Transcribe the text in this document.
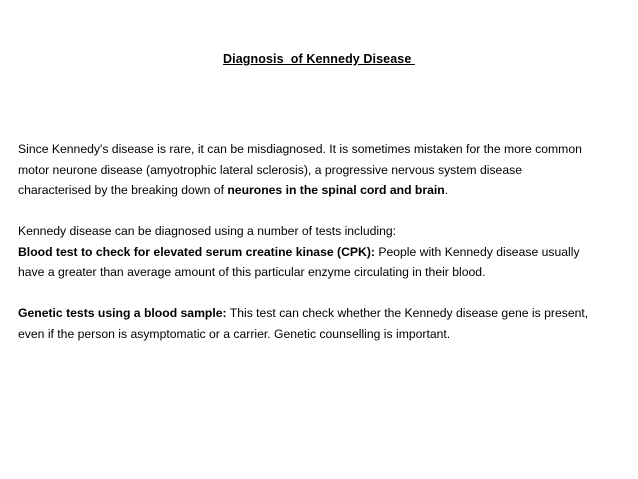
Diagnosis  of Kennedy Disease
Since Kennedy's disease is rare, it can be misdiagnosed. It is sometimes mistaken for the more common
motor neurone disease (amyotrophic lateral sclerosis), a progressive nervous system disease
characterised by the breaking down of neurones in the spinal cord and brain.
Kennedy disease can be diagnosed using a number of tests including:
Blood test to check for elevated serum creatine kinase (CPK): People with Kennedy disease usually
have a greater than average amount of this particular enzyme circulating in their blood.
Genetic tests using a blood sample: This test can check whether the Kennedy disease gene is present,
even if the person is asymptomatic or a carrier. Genetic counselling is important.
